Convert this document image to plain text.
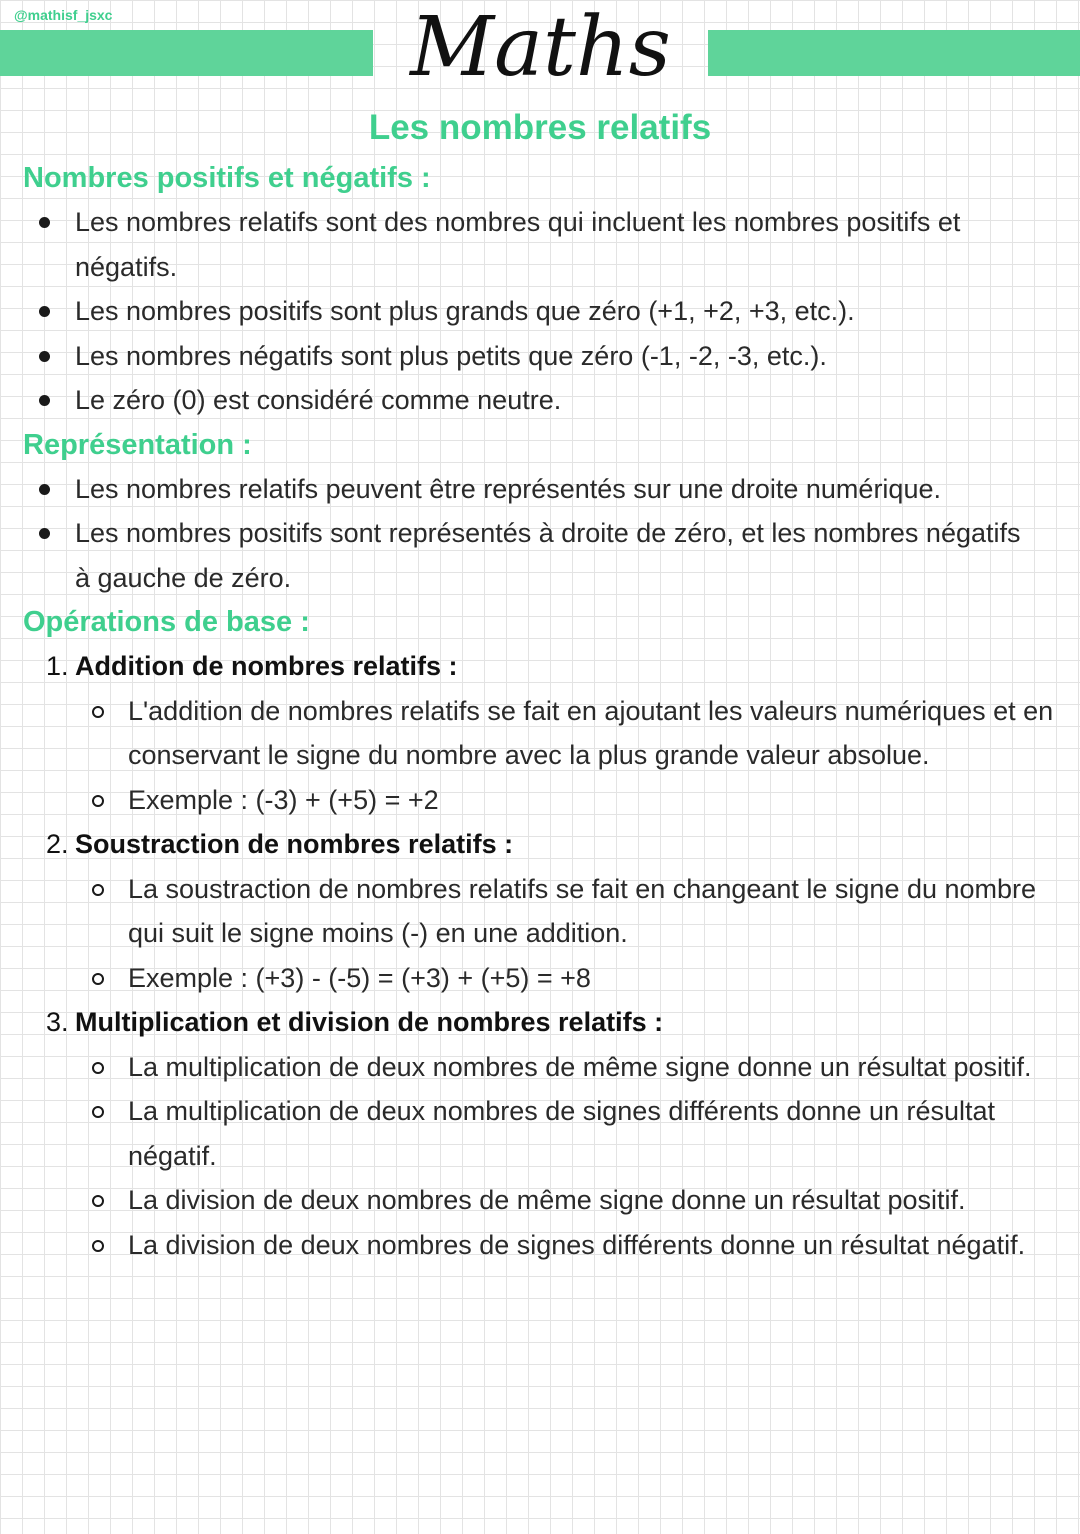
@mathisf_jsxc	Maths
Les nombres relatifs
Nombres positifs et négatifs :
Les nombres relatifs sont des nombres qui incluent les nombres positifs et négatifs.
Les nombres positifs sont plus grands que zéro (+1, +2, +3, etc.).
Les nombres négatifs sont plus petits que zéro (-1, -2, -3, etc.).
Le zéro (0) est considéré comme neutre.
Représentation :
Les nombres relatifs peuvent être représentés sur une droite numérique.
Les nombres positifs sont représentés à droite de zéro, et les nombres négatifs à gauche de zéro.
Opérations de base :
1. Addition de nombres relatifs :
L'addition de nombres relatifs se fait en ajoutant les valeurs numériques et en conservant le signe du nombre avec la plus grande valeur absolue.
Exemple : (-3) + (+5) = +2
2. Soustraction de nombres relatifs :
La soustraction de nombres relatifs se fait en changeant le signe du nombre qui suit le signe moins (-) en une addition.
Exemple : (+3) - (-5) = (+3) + (+5) = +8
3. Multiplication et division de nombres relatifs :
La multiplication de deux nombres de même signe donne un résultat positif.
La multiplication de deux nombres de signes différents donne un résultat négatif.
La division de deux nombres de même signe donne un résultat positif.
La division de deux nombres de signes différents donne un résultat négatif.
